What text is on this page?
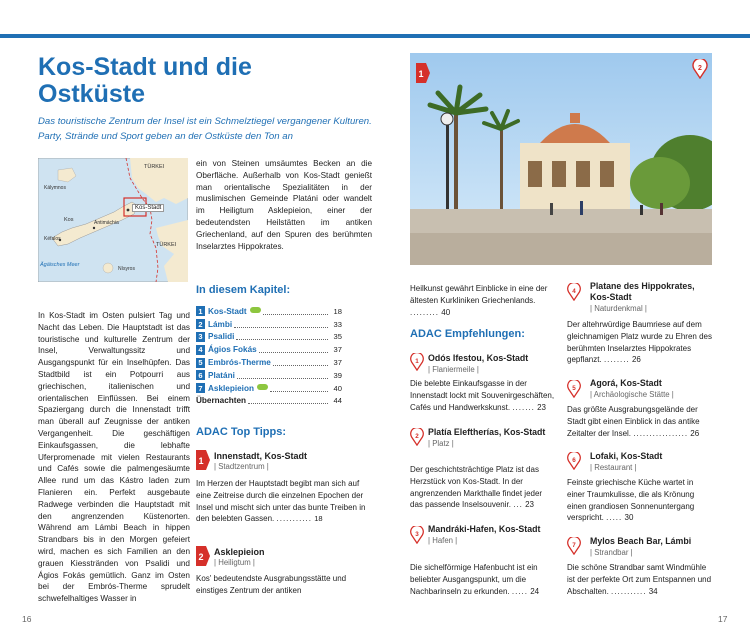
Kos-Stadt und die
Ostküste
Das touristische Zentrum der Insel ist ein Schmelztiegel vergangener Kulturen. Party, Strände und Sport geben an der Ostküste den Ton an
TÜRKEI
Kálymnos
Kos	Antimáchia
Kéfalos
Kos-Stadt
TÜRKEI
Ägäisches Meer
Nísyros

In Kos-Stadt im Osten pulsiert Tag und Nacht das Leben. Die Hauptstadt ist das touristische und kulturelle Zentrum der Insel, Verwaltungssitz und Ausgangspunkt für ein Inselhüpfen. Das Stadtbild ist ein Potpourri aus griechischen, italienischen und orientalischen Einflüssen. Bei einem Spaziergang durch die Innenstadt trifft man überall auf Zeugnisse der antiken Vergangenheit. Die geschäftigen Einkaufsgassen, die lebhafte Uferpromenade mit vielen Restaurants und Cafés sowie die palmengesäumte Allee rund um das Kástro laden zum Flanieren ein. Perfekt ausgebaute Radwege verbinden die Hauptstadt mit den angrenzenden Küstenorten. Während am Lámbi Beach in hippen Strandbars bis in den Morgen gefeiert wird, machen es sich Familien an den grauen Kiesstränden von Psalidi und Ágios Fokás gemütlich. Ganz im Osten bei der Embrós-Therme sprudelt schwefelhaltiges Wasser in

ein von Steinen umsäumtes Becken an die Oberfläche. Außerhalb von Kos-Stadt genießt man orientalische Spezialitäten in der muslimischen Gemeinde Platáni oder wandelt im Heiligtum Asklepieion, einer der bedeutendsten Heilstätten im antiken Griechenland, auf den Spuren des berühmten Inselarztes Hippokrates.

In diesem Kapitel:
1 Kos-Stadt	18
2 Lámbi	33
3 Psalidi	35
4 Ágios Fokás	37
5 Embrós-Therme	37
6 Platáni	39
7 Asklepieion	40
Übernachten	44
ADAC Top Tipps:
1 Innenstadt, Kos-Stadt
| Stadtzentrum |
Im Herzen der Hauptstadt begibt man sich auf eine Zeitreise durch die einzelnen Epochen der Insel und mischt sich unter das bunte Treiben in den belebten Gassen. ........... 18
2 Asklepieion
| Heiligtum |
Kos' bedeutendste Ausgrabungsstätte und einstiges Zentrum der antiken
1
2
Heilkunst gewährt Einblicke in eine der ältesten Kurkliniken Griechenlands. ......... 40
ADAC Empfehlungen:
1 Odós Ifestou, Kos-Stadt
| Flaniermeile |
Die belebte Einkaufsgasse in der Innenstadt lockt mit Souvenirgeschäften, Cafés und Handwerkskunst. ....... 23
2 Platía Eleftherías, Kos-Stadt
| Platz |
Der geschichtsträchtige Platz ist das Herzstück von Kos-Stadt. In der angrenzenden Markthalle findet jeder das passende Inselsouvenir. ... 23
3
Mandráki-Hafen, Kos-Stadt
| Hafen |
Die sichelförmige Hafenbucht ist ein beliebter Ausgangspunkt, um die Nachbarinseln zu erkunden. ..... 24
4
Platane des Hippokrates, Kos-Stadt
| Naturdenkmal |
Der altehrwürdige Baumriese auf dem gleichnamigen Platz wurde zu Ehren des berühmten Inselarztes Hippokrates gepflanzt. ........ 26
5
Agorá, Kos-Stadt
| Archäologische Stätte |
Das größte Ausgrabungsgelände der Stadt gibt einen Einblick in das antike Zeitalter der Insel. ................. 26
6 Lofaki, Kos-Stadt
| Restaurant |
Feinste griechische Küche wartet in einer Traumkulisse, die als Krönung einen grandiosen Sonnenuntergang verspricht. ..... 30
7 Mylos Beach Bar, Lámbi
| Strandbar |
Die schöne Strandbar samt Windmühle ist der perfekte Ort zum Entspannen und Abschalten. ........... 34
16	17
